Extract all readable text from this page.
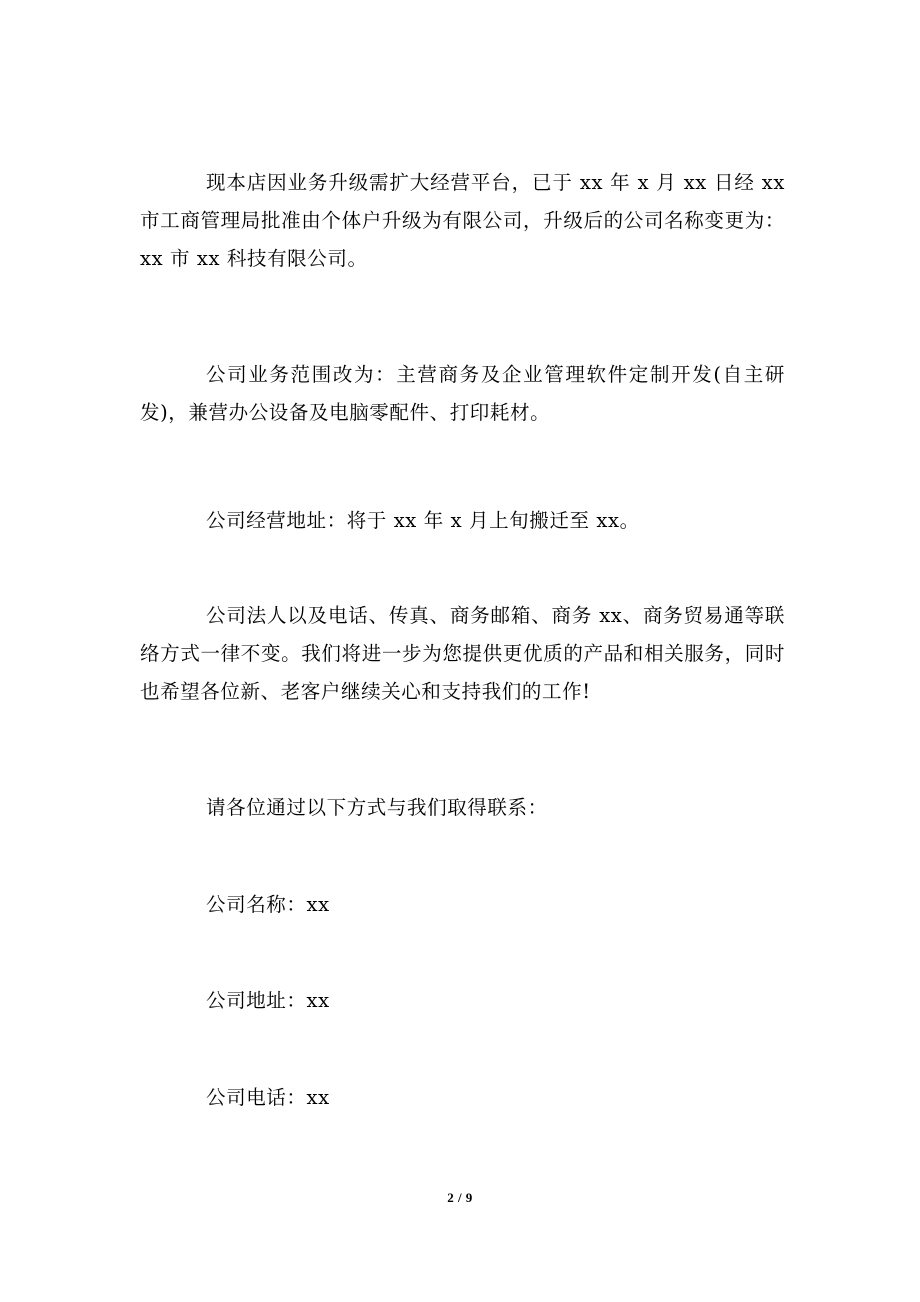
现本店因业务升级需扩大经营平台，已于 xx 年 x 月 xx 日经 xx 市工商管理局批准由个体户升级为有限公司，升级后的公司名称变更为：xx 市 xx 科技有限公司。

公司业务范围改为：主营商务及企业管理软件定制开发(自主研发)，兼营办公设备及电脑零配件、打印耗材。

公司经营地址：将于 xx 年 x 月上旬搬迁至 xx。

公司法人以及电话、传真、商务邮箱、商务 xx、商务贸易通等联络方式一律不变。我们将进一步为您提供更优质的产品和相关服务，同时也希望各位新、老客户继续关心和支持我们的工作!

请各位通过以下方式与我们取得联系：

公司名称：xx

公司地址：xx

公司电话：xx

2 / 9
